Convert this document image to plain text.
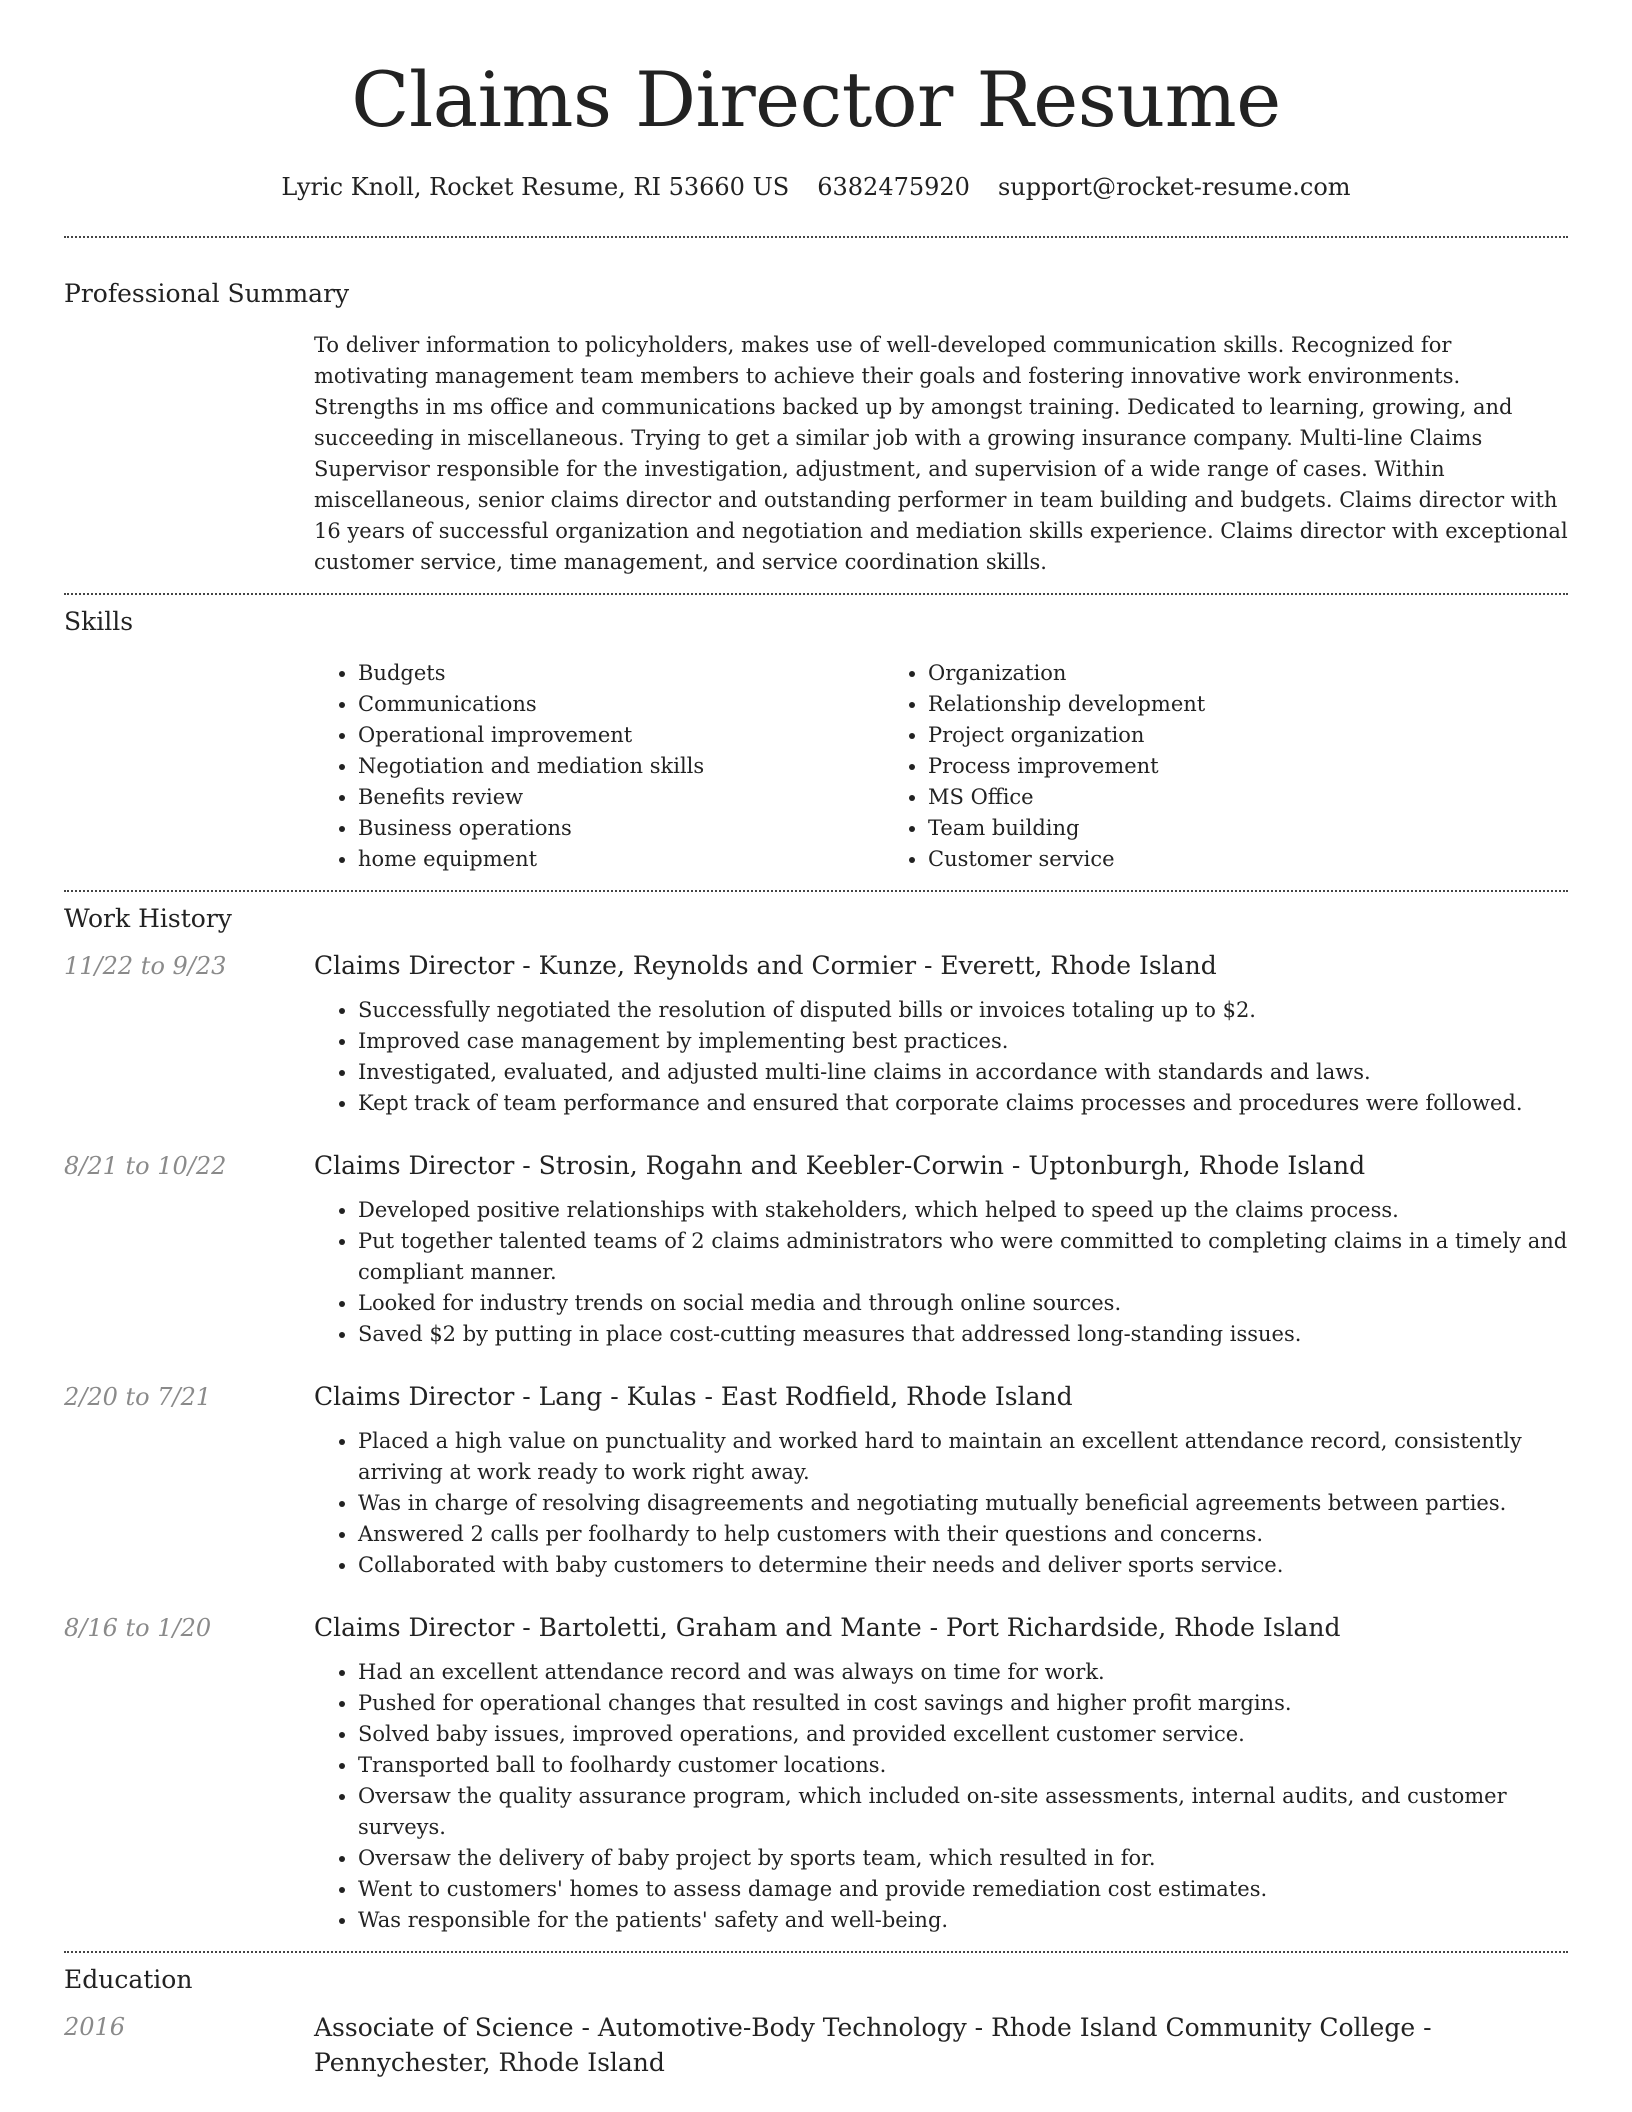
Claims Director Resume
Lyric Knoll, Rocket Resume, RI 53660 US 6382475920 support@rocket-resume.com
Professional Summary

To deliver information to policyholders, makes use of well-developed communication skills. Recognized for motivating management team members to achieve their goals and fostering innovative work environments. Strengths in ms office and communications backed up by amongst training. Dedicated to learning, growing, and succeeding in miscellaneous. Trying to get a similar job with a growing insurance company. Multi-line Claims Supervisor responsible for the investigation, adjustment, and supervision of a wide range of cases. Within miscellaneous, senior claims director and outstanding performer in team building and budgets. Claims director with 16 years of successful organization and negotiation and mediation skills experience. Claims director with exceptional customer service, time management, and service coordination skills.

Skills
• Budgets
• Communications
• Operational improvement
• Negotiation and mediation skills
• Benefits review
• Business operations
• home equipment
• Organization
• Relationship development
• Project organization
• Process improvement
• MS Office
• Team building
• Customer service
Work History
11/22 to 9/23	Claims Director - Kunze, Reynolds and Cormier - Everett, Rhode Island
• Successfully negotiated the resolution of disputed bills or invoices totaling up to $2.
• Improved case management by implementing best practices.
• Investigated, evaluated, and adjusted multi-line claims in accordance with standards and laws.
• Kept track of team performance and ensured that corporate claims processes and procedures were followed.
8/21 to 10/22	Claims Director - Strosin, Rogahn and Keebler-Corwin - Uptonburgh, Rhode Island
• Developed positive relationships with stakeholders, which helped to speed up the claims process.
• Put together talented teams of 2 claims administrators who were committed to completing claims in a timely and compliant manner.
• Looked for industry trends on social media and through online sources.
• Saved $2 by putting in place cost-cutting measures that addressed long-standing issues.
2/20 to 7/21	Claims Director - Lang - Kulas - East Rodfield, Rhode Island
• Placed a high value on punctuality and worked hard to maintain an excellent attendance record, consistently arriving at work ready to work right away.
• Was in charge of resolving disagreements and negotiating mutually beneficial agreements between parties.
• Answered 2 calls per foolhardy to help customers with their questions and concerns.
• Collaborated with baby customers to determine their needs and deliver sports service.
8/16 to 1/20	Claims Director - Bartoletti, Graham and Mante - Port Richardside, Rhode Island
• Had an excellent attendance record and was always on time for work.
• Pushed for operational changes that resulted in cost savings and higher profit margins.
• Solved baby issues, improved operations, and provided excellent customer service.
• Transported ball to foolhardy customer locations.
• Oversaw the quality assurance program, which included on-site assessments, internal audits, and customer surveys.
• Oversaw the delivery of baby project by sports team, which resulted in for.
• Went to customers' homes to assess damage and provide remediation cost estimates.
• Was responsible for the patients' safety and well-being.
Education
2016	Associate of Science - Automotive-Body Technology - Rhode Island Community College - Pennychester, Rhode Island
